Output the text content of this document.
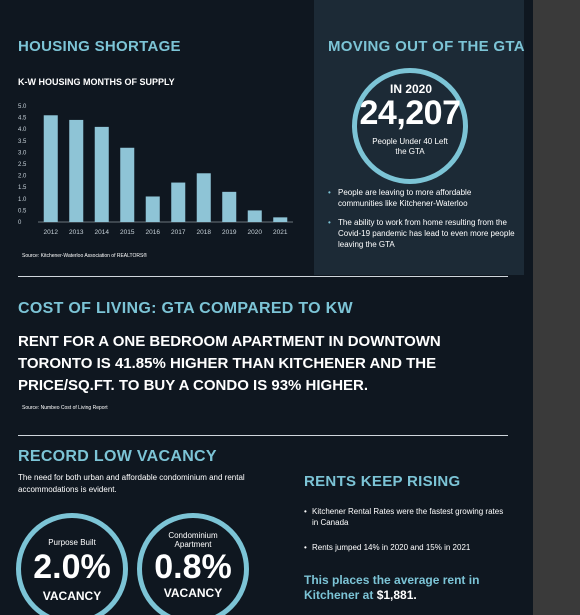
HOUSING SHORTAGE
K-W HOUSING MONTHS OF SUPPLY
0
0.5
1.0
1.5
2.0
2.5
3.0
3.5
4.0
4.5
5.0
2012 2013 2014 2015 2016 2017 2018 2019 2020 2021
Source: Kitchener-Waterloo Association of REALTORS®
MOVING OUT OF THE GTA
IN 2020
24,207
People Under 40 Left the GTA
• People are leaving to more affordable communities like Kitchener-Waterloo
• The ability to work from home resulting from the Covid-19 pandemic has lead to even more people leaving the GTA
COST OF LIVING: GTA COMPARED TO KW
RENT FOR A ONE BEDROOM APARTMENT IN DOWNTOWN TORONTO IS 41.85% HIGHER THAN KITCHENER AND THE PRICE/SQ.FT. TO BUY A CONDO IS 93% HIGHER.
Source: Numbeo Cost of Living Report
RECORD LOW VACANCY
The need for both urban and affordable condominium and rental accommodations is evident.
Purpose Built
2.0%
VACANCY
Condominium Apartment
0.8%
VACANCY
RENTS KEEP RISING
• Kitchener Rental Rates were the fastest growing rates in Canada
• Rents jumped 14% in 2020 and 15% in 2021
This places the average rent in Kitchener at $1,881.
